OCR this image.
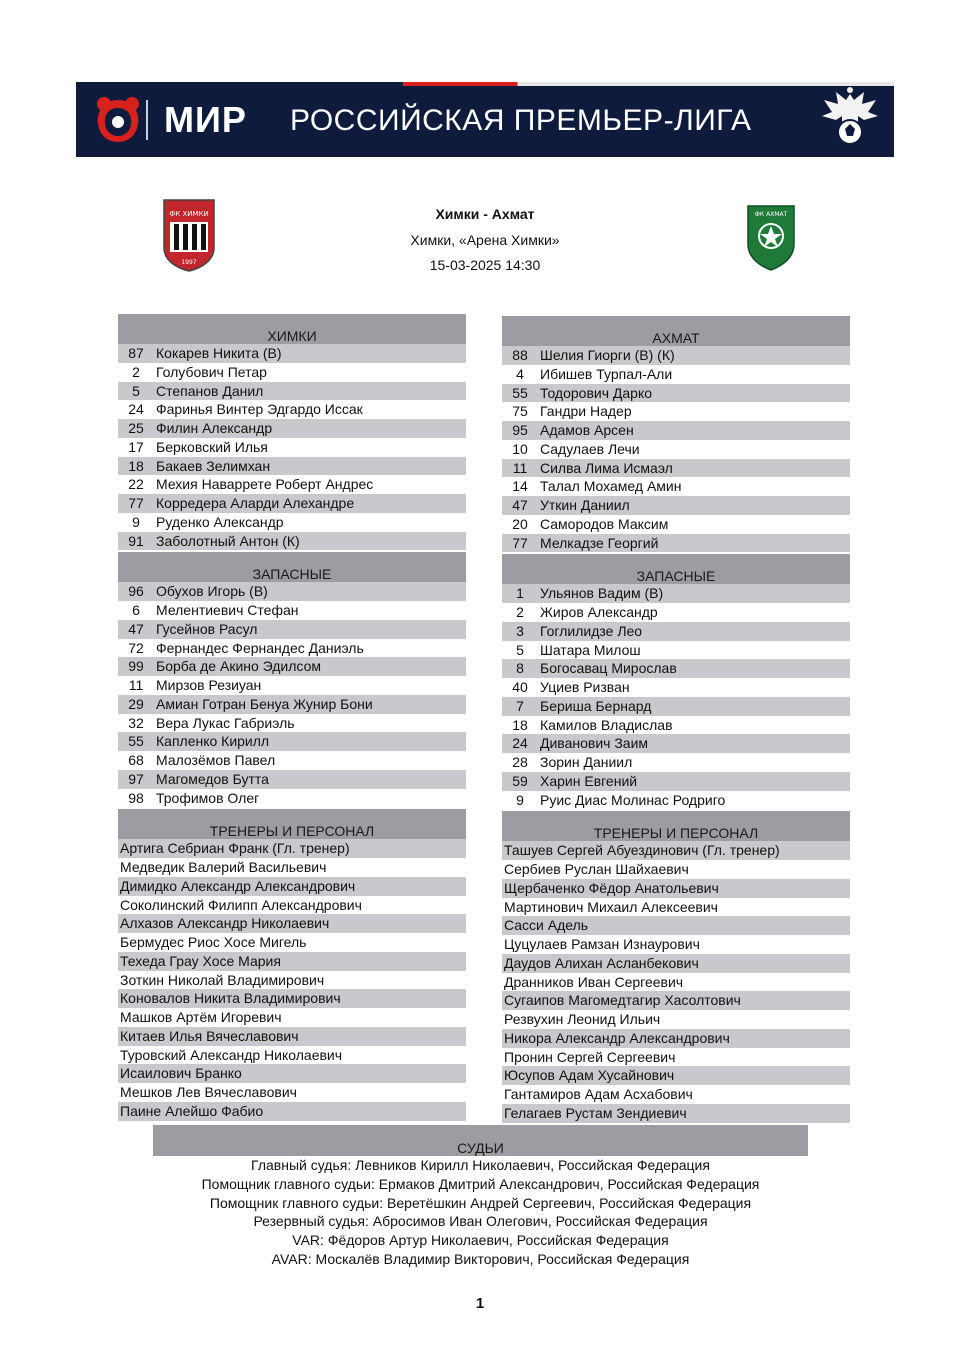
МИР РОССИЙСКАЯ ПРЕМЬЕР-ЛИГА
ФК ХИМКИ
1997
ФК АХМАТ
Химки - Ахмат
Химки, «Арена Химки»
15-03-2025 14:30
ХИМКИ
87 Кокарев Никита (В)
2	Голубович Петар
5	Степанов Данил
24 Фаринья Винтер Эдгардо Иссак
25 Филин Александр
17 Берковский Илья
18 Бакаев Зелимхан
22 Мехия Наварретe Роберт Андрес
77 Корредера Аларди Алехандре
9	Руденко Александр
91 Заболотный Антон (К)
ЗАПАСНЫЕ
96 Обухов Игорь (В)
6	Мелентиевич Стефан
47 Гусейнов Расул
72 Фернандес Фернандес Даниэль
99 Борба де Акино Эдилсом
11 Мирзов Резиуан
29 Амиан Готран Бенуа Жунир Бони
32 Вера Лукас Габриэль
55 Капленко Кирилл
68 Малозёмов Павел
97 Магомедов Бутта
98 Трофимов Олег
ТРЕНЕРЫ И ПЕРСОНАЛ
Артига Себриан Франк (Гл. тренер)
Медведик Валерий Васильевич
Димидко Александр Александрович
Соколинский Филипп Александрович
Алхазов Александр Николаевич
Бермудес Риос Хосе Мигель
Техеда Грау Хосе Мария
Зоткин Николай Владимирович
Коновалов Никита Владимирович
Машков Артём Игоревич
Китаев Илья Вячеславович
Туровский Александр Николаевич
Исаилович Бранко
Мешков Лев Вячеславович
Паине Алейшо Фабио
АХМАТ
88 Шелия Гиорги (В) (К)
4	Ибишев Турпал-Али
55 Тодорович Дарко
75 Гандри Надер
95 Адамов Арсен
10 Садулаев Лечи
11 Силва Лима Исмаэл
14 Талал Мохамед Амин
47 Уткин Даниил
20 Самородов Максим
77 Мелкадзе Георгий
ЗАПАСНЫЕ
1	Ульянов Вадим (В)
2	Жиров Александр
3	Гоглиᴫидзе Лео
5	Шатара Милош
8	Богосавац Мирослав
40 Уциев Ризван
7	Бериша Бернард
18 Камилов Владислав
24 Диванович Заим
28 Зорин Даниил
59 Харин Евгений
9	Руис Диас Молинас Родриго
ТРЕНЕРЫ И ПЕРСОНАЛ
Ташуев Сергей Абуездинович (Гл. тренер)
Сербиев Руслан Шайхаевич
Щербаченко Фёдор Анатольевич
Мартинович Михаил Алексеевич
Сасси Адель
Цуцулаев Рамзан Изнаурович
Даудов Алихан Асланбекович
Дранников Иван Сергеевич
Сугаипов Магомедтагир Хасолтович
Резвухин Леонид Ильич
Никора Александр Александрович
Пронин Сергей Сергеевич
Юсупов Адам Хусайнович
Гантамиров Адам Асхабович
Гелагаев Рустам Зендиевич
СУДЬИ
Главный судья: Левников Кирилл Николаевич, Российская Федерация
Помощник главного судьи: Ермаков Дмитрий Александрович, Российская Федерация
Помощник главного судьи: Веретёшкин Андрей Сергеевич, Российская Федерация
Резервный судья: Абросимов Иван Олегович, Российская Федерация
VAR: Фёдоров Артур Николаевич, Российская Федерация
AVAR: Москалёв Владимир Викторович, Российская Федерация
1
